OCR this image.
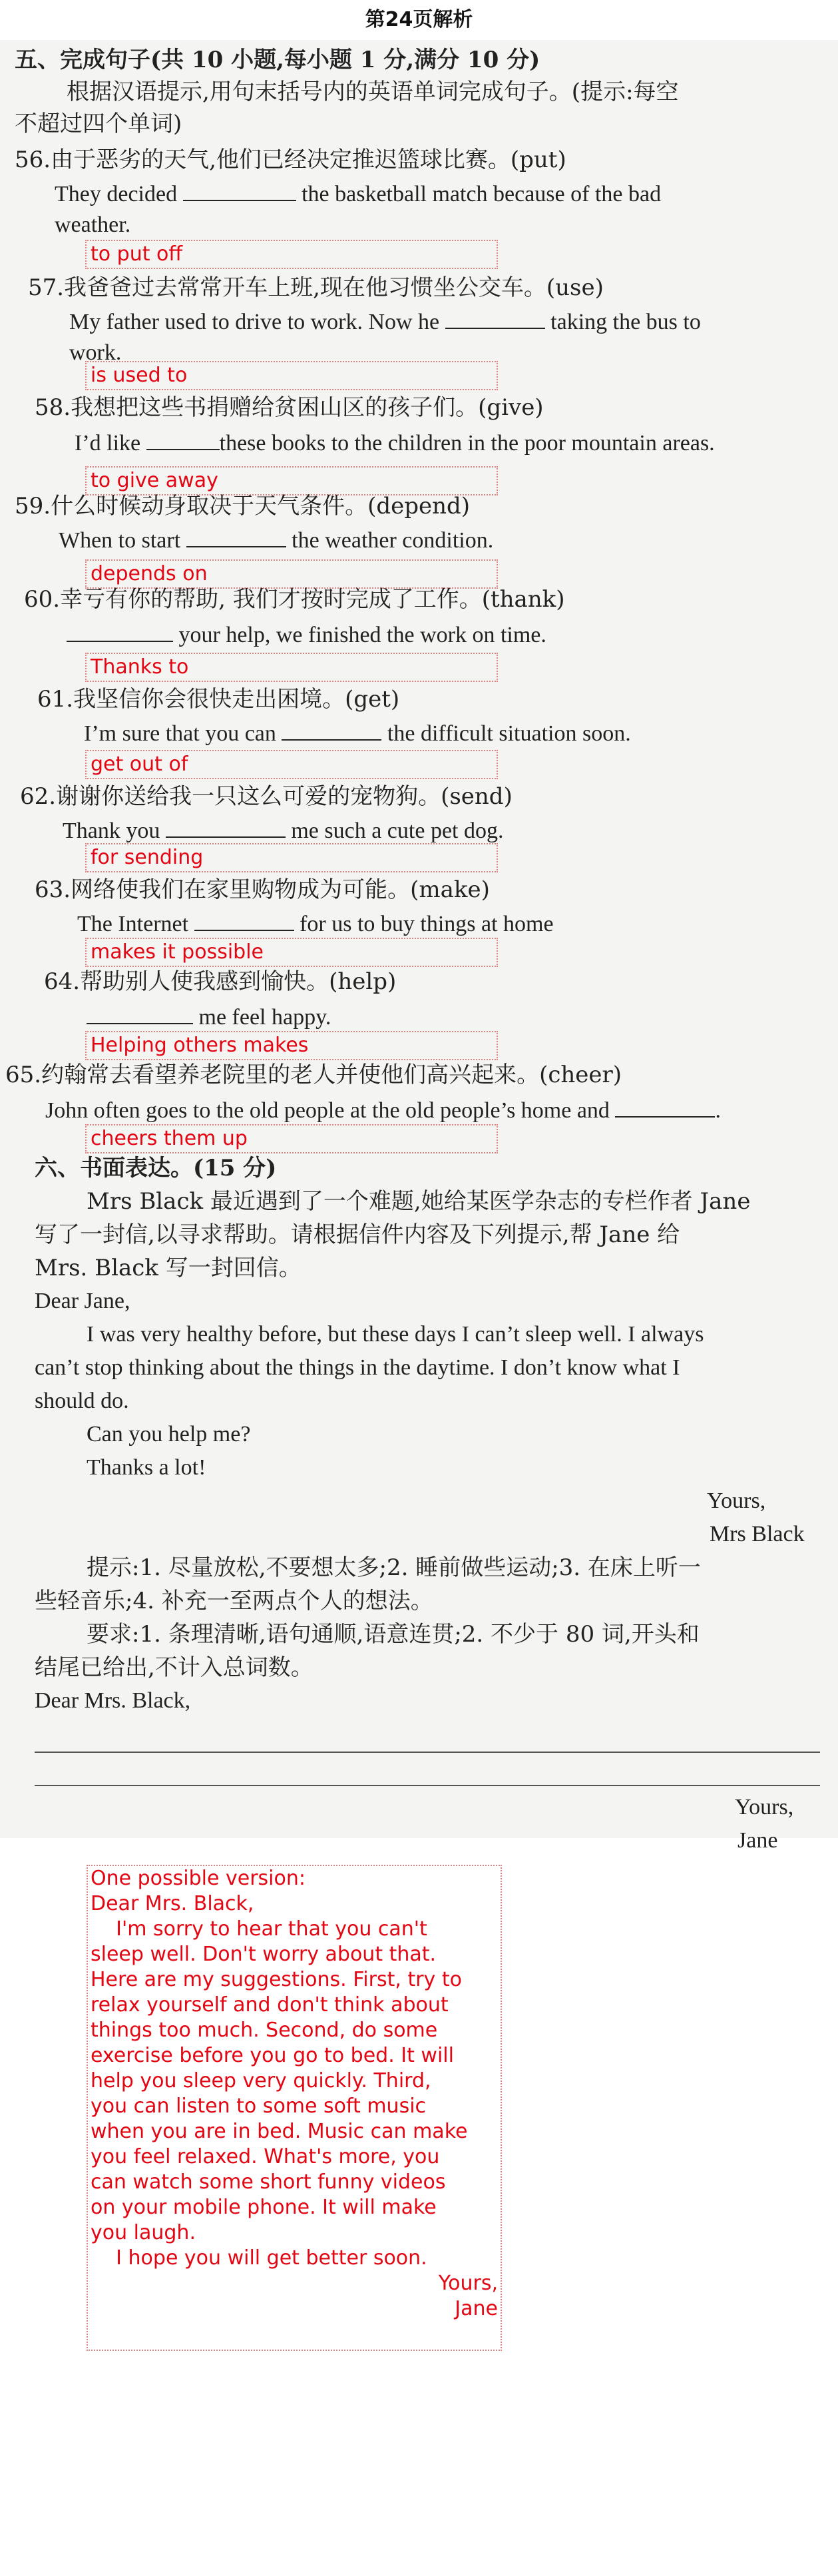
第24页解析
五、完成句子(共 10 小题,每小题 1 分,满分 10 分)
根据汉语提示,用句末括号内的英语单词完成句子。(提示:每空
不超过四个单词)
56.由于恶劣的天气,他们已经决定推迟篮球比赛。(put)
They decided	the basketball match because of the bad
weather.
to put off
57.我爸爸过去常常开车上班,现在他习惯坐公交车。(use)
My father used to drive to work. Now he	taking the bus to
work.
is used to
58.我想把这些书捐赠给贫困山区的孩子们。(give)
I’d like	these books to the children in the poor mountain areas.
to give away
59.什么时候动身取决于天气条件。(depend)
When to start	the weather condition.
depends on
60.幸亏有你的帮助, 我们才按时完成了工作。(thank)
your help, we finished the work on time.
Thanks to
61.我坚信你会很快走出困境。(get)
I’m sure that you can	the difficult situation soon.
get out of
62.谢谢你送给我一只这么可爱的宠物狗。(send)
Thank you	me such a cute pet dog.
for sending
63.网络使我们在家里购物成为可能。(make)
The Internet	for us to buy things at home
makes it possible
64.帮助别人使我感到愉快。(help)
me feel happy.
Helping others makes
65.约翰常去看望养老院里的老人并使他们高兴起来。(cheer)
John often goes to the old people at the old people’s home and	.
cheers them up
六、书面表达。(15 分)
Mrs Black 最近遇到了一个难题,她给某医学杂志的专栏作者 Jane
写了一封信,以寻求帮助。请根据信件内容及下列提示,帮 Jane 给
Mrs. Black 写一封回信。
Dear Jane,
I was very healthy before, but these days I can’t sleep well. I always
can’t stop thinking about the things in the daytime. I don’t know what I
should do.
Can you help me?
Thanks a lot!
Yours,
Mrs Black
提示:1. 尽量放松,不要想太多;2. 睡前做些运动;3. 在床上听一
些轻音乐;4. 补充一至两点个人的想法。
要求:1. 条理清晰,语句通顺,语意连贯;2. 不少于 80 词,开头和
结尾已给出,不计入总词数。
Dear Mrs. Black,
Yours,
Jane
One possible version:
Dear Mrs. Black,
I'm sorry to hear that you can't
sleep well. Don't worry about that.
Here are my suggestions. First, try to
relax yourself and don't think about
things too much. Second, do some
exercise before you go to bed. It will
help you sleep very quickly. Third,
you can listen to some soft music
when you are in bed. Music can make
you feel relaxed. What's more, you
can watch some short funny videos
on your mobile phone. It will make
you laugh.
I hope you will get better soon.
Yours,
Jane
